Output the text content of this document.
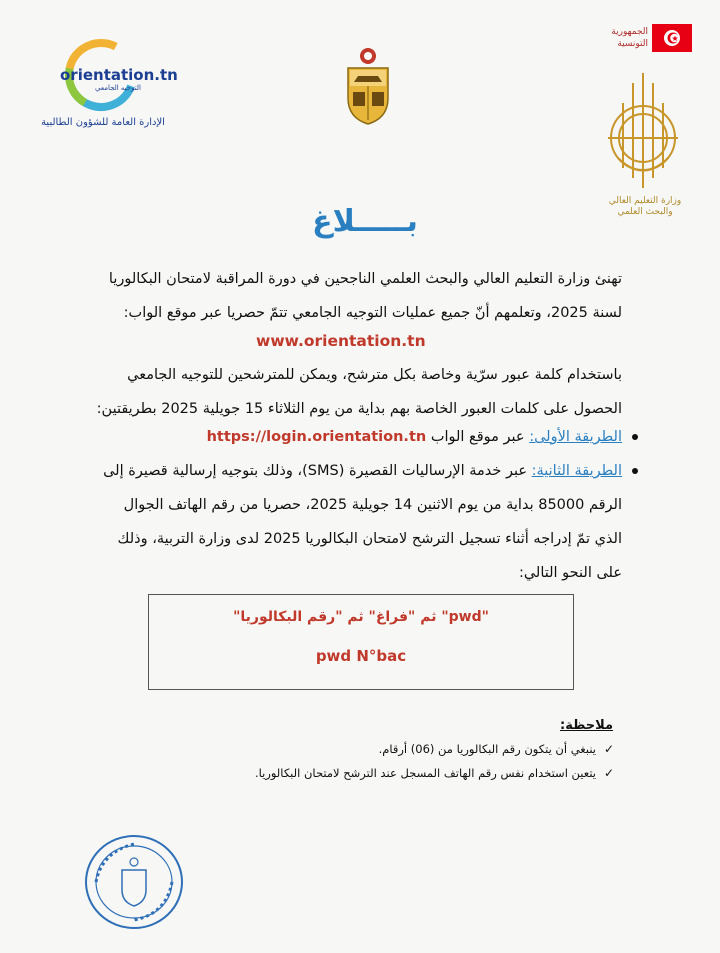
orientation.tn
التوجيه الجامعي
الإدارة العامة للشؤون الطالبية
الجمهورية التونسية
وزارة التعليم العالي والبحث العلمي
بـــــلاغ
تهنئ وزارة التعليم العالي والبحث العلمي الناجحين في دورة المراقبة لامتحان البكالوريا لسنة 2025، وتعلمهم أنّ جميع عمليات التوجيه الجامعي تتمّ حصريا عبر موقع الواب:
www.orientation.tn
باستخدام كلمة عبور سرّية وخاصة بكل مترشح، ويمكن للمترشحين للتوجيه الجامعي الحصول على كلمات العبور الخاصة بهم بداية من يوم الثلاثاء 15 جويلية 2025 بطريقتين:
الطريقة الأولى: عبر موقع الواب https://login.orientation.tn
الطريقة الثانية: عبر خدمة الإرساليات القصيرة (SMS)، وذلك بتوجيه إرسالية قصيرة إلى الرقم 85000 بداية من يوم الاثنين 14 جويلية 2025، حصريا من رقم الهاتف الجوال الذي تمّ إدراجه أثناء تسجيل الترشح لامتحان البكالوريا 2025 لدى وزارة التربية، وذلك على النحو التالي:
"pwd" ثم "فراغ" ثم "رقم البكالوريا"
pwd N°bac
ملاحظة:
✓
ينبغي أن يتكون رقم البكالوريا من (06) أرقام.
✓
يتعين استخدام نفس رقم الهاتف المسجل عند الترشح لامتحان البكالوريا.
